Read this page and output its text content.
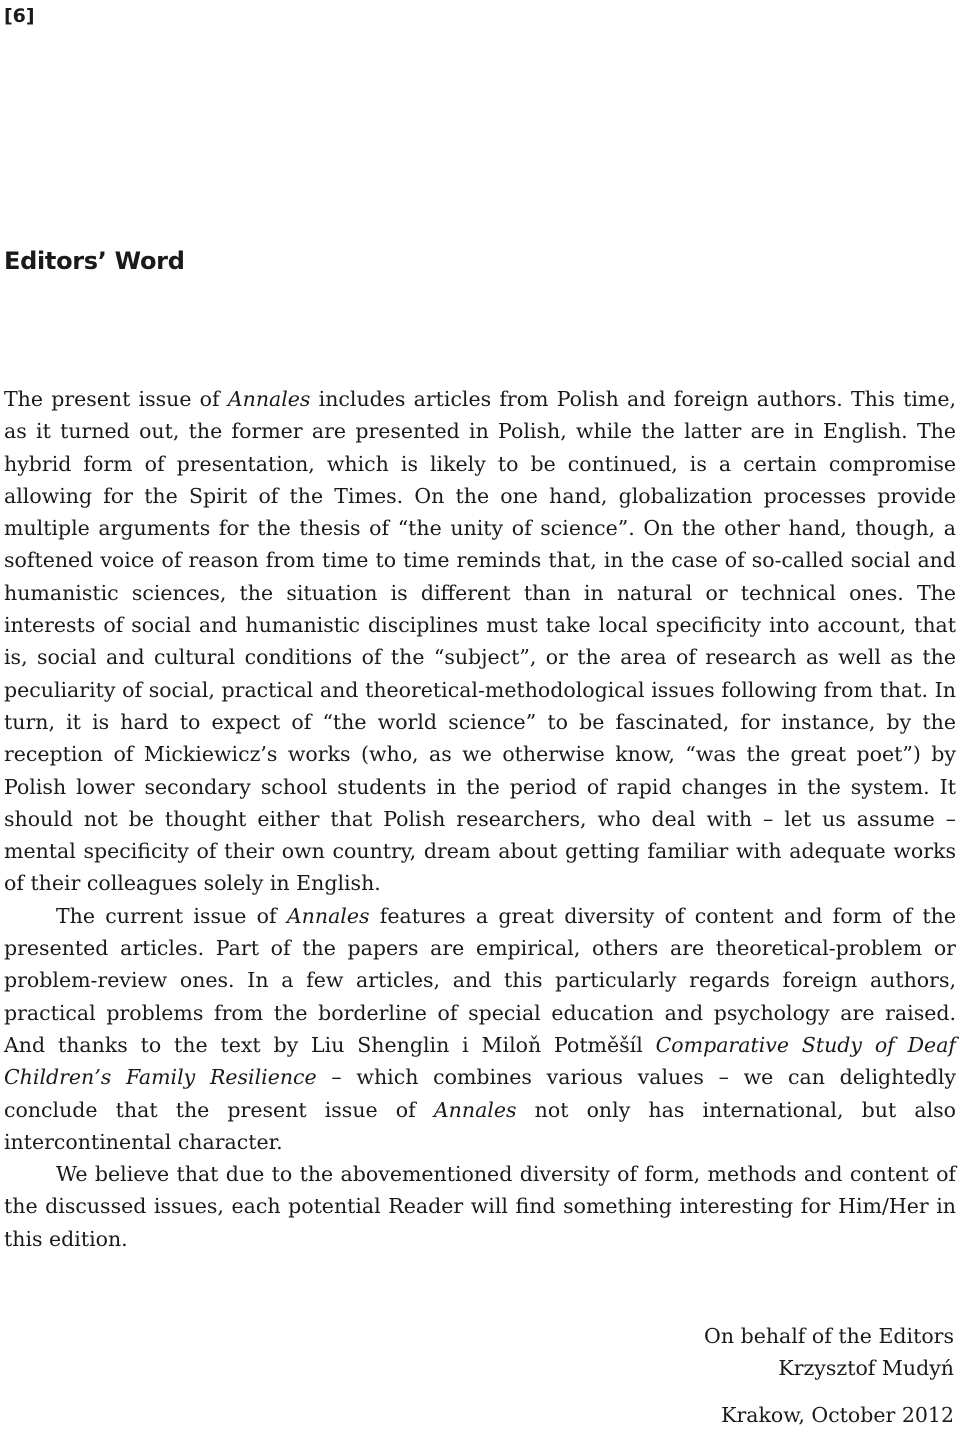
[6]
Editors’ Word

The present issue of Annales includes articles from Polish and foreign authors. This time, as it turned out, the former are presented in Polish, while the latter are in English. The hybrid form of presentation, which is likely to be continued, is a certain compromise allowing for the Spirit of the Times. On the one hand, globalization processes provide multiple arguments for the thesis of “the unity of science”. On the other hand, though, a softened voice of reason from time to time reminds that, in the case of so-called social and humanistic sciences, the situation is different than in natural or technical ones. The interests of social and humanistic disciplines must take local specificity into account, that is, social and cultural conditions of the “subject”, or the area of research as well as the peculiarity of social, practical and theoretical-methodological issues following from that. In turn, it is hard to expect of “the world science” to be fascinated, for instance, by the reception of Mickiewicz’s works (who, as we otherwise know, “was the great poet”) by Polish lower secondary school students in the period of rapid changes in the system. It should not be thought either that Polish researchers, who deal with – let us assume – mental specificity of their own country, dream about getting familiar with adequate works of their colleagues solely in English.

The current issue of Annales features a great diversity of content and form of the presented articles. Part of the papers are empirical, others are theoretical-problem or problem-review ones. In a few articles, and this particularly regards foreign authors, practical problems from the borderline of special education and psychology are raised. And thanks to the text by Liu Shenglin i Miloň Potměšíl Comparative Study of Deaf Children’s Family Resilience – which combines various values – we can delightedly conclude that the present issue of Annales not only has international, but also intercontinental character.

We believe that due to the abovementioned diversity of form, methods and content of the discussed issues, each potential Reader will find something interesting for Him/Her in this edition.

On behalf of the Editors
Krzysztof Mudyń
Krakow, October 2012
